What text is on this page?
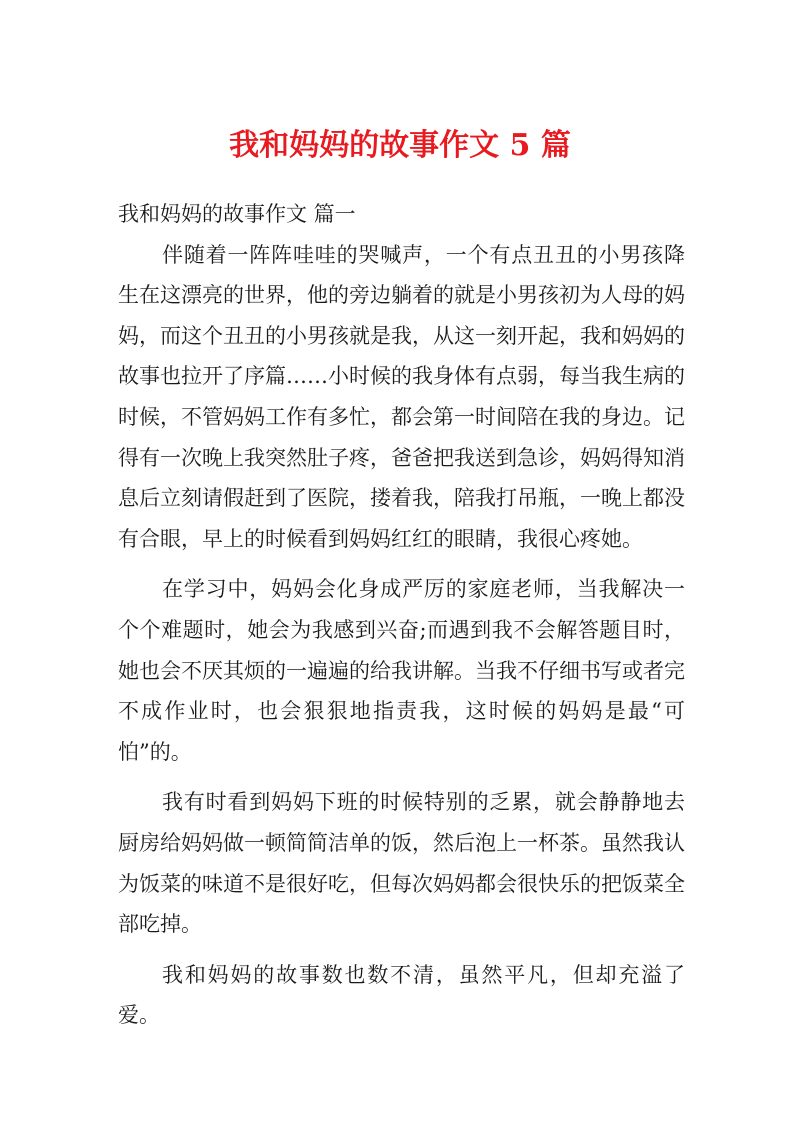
我和妈妈的故事作文 5 篇

我和妈妈的故事作文 篇一

伴随着一阵阵哇哇的哭喊声，一个有点丑丑的小男孩降生在这漂亮的世界，他的旁边躺着的就是小男孩初为人母的妈妈，而这个丑丑的小男孩就是我，从这一刻开起，我和妈妈的故事也拉开了序篇……小时候的我身体有点弱，每当我生病的时候，不管妈妈工作有多忙，都会第一时间陪在我的身边。记得有一次晚上我突然肚子疼，爸爸把我送到急诊，妈妈得知消息后立刻请假赶到了医院，搂着我，陪我打吊瓶，一晚上都没有合眼，早上的时候看到妈妈红红的眼睛，我很心疼她。

在学习中，妈妈会化身成严厉的家庭老师，当我解决一个个难题时，她会为我感到兴奋;而遇到我不会解答题目时，她也会不厌其烦的一遍遍的给我讲解。当我不仔细书写或者完不成作业时，也会狠狠地指责我，这时候的妈妈是最“可怕”的。

我有时看到妈妈下班的时候特别的乏累，就会静静地去厨房给妈妈做一顿简简洁单的饭，然后泡上一杯茶。虽然我认为饭菜的味道不是很好吃，但每次妈妈都会很快乐的把饭菜全部吃掉。

我和妈妈的故事数也数不清，虽然平凡，但却充溢了爱。
